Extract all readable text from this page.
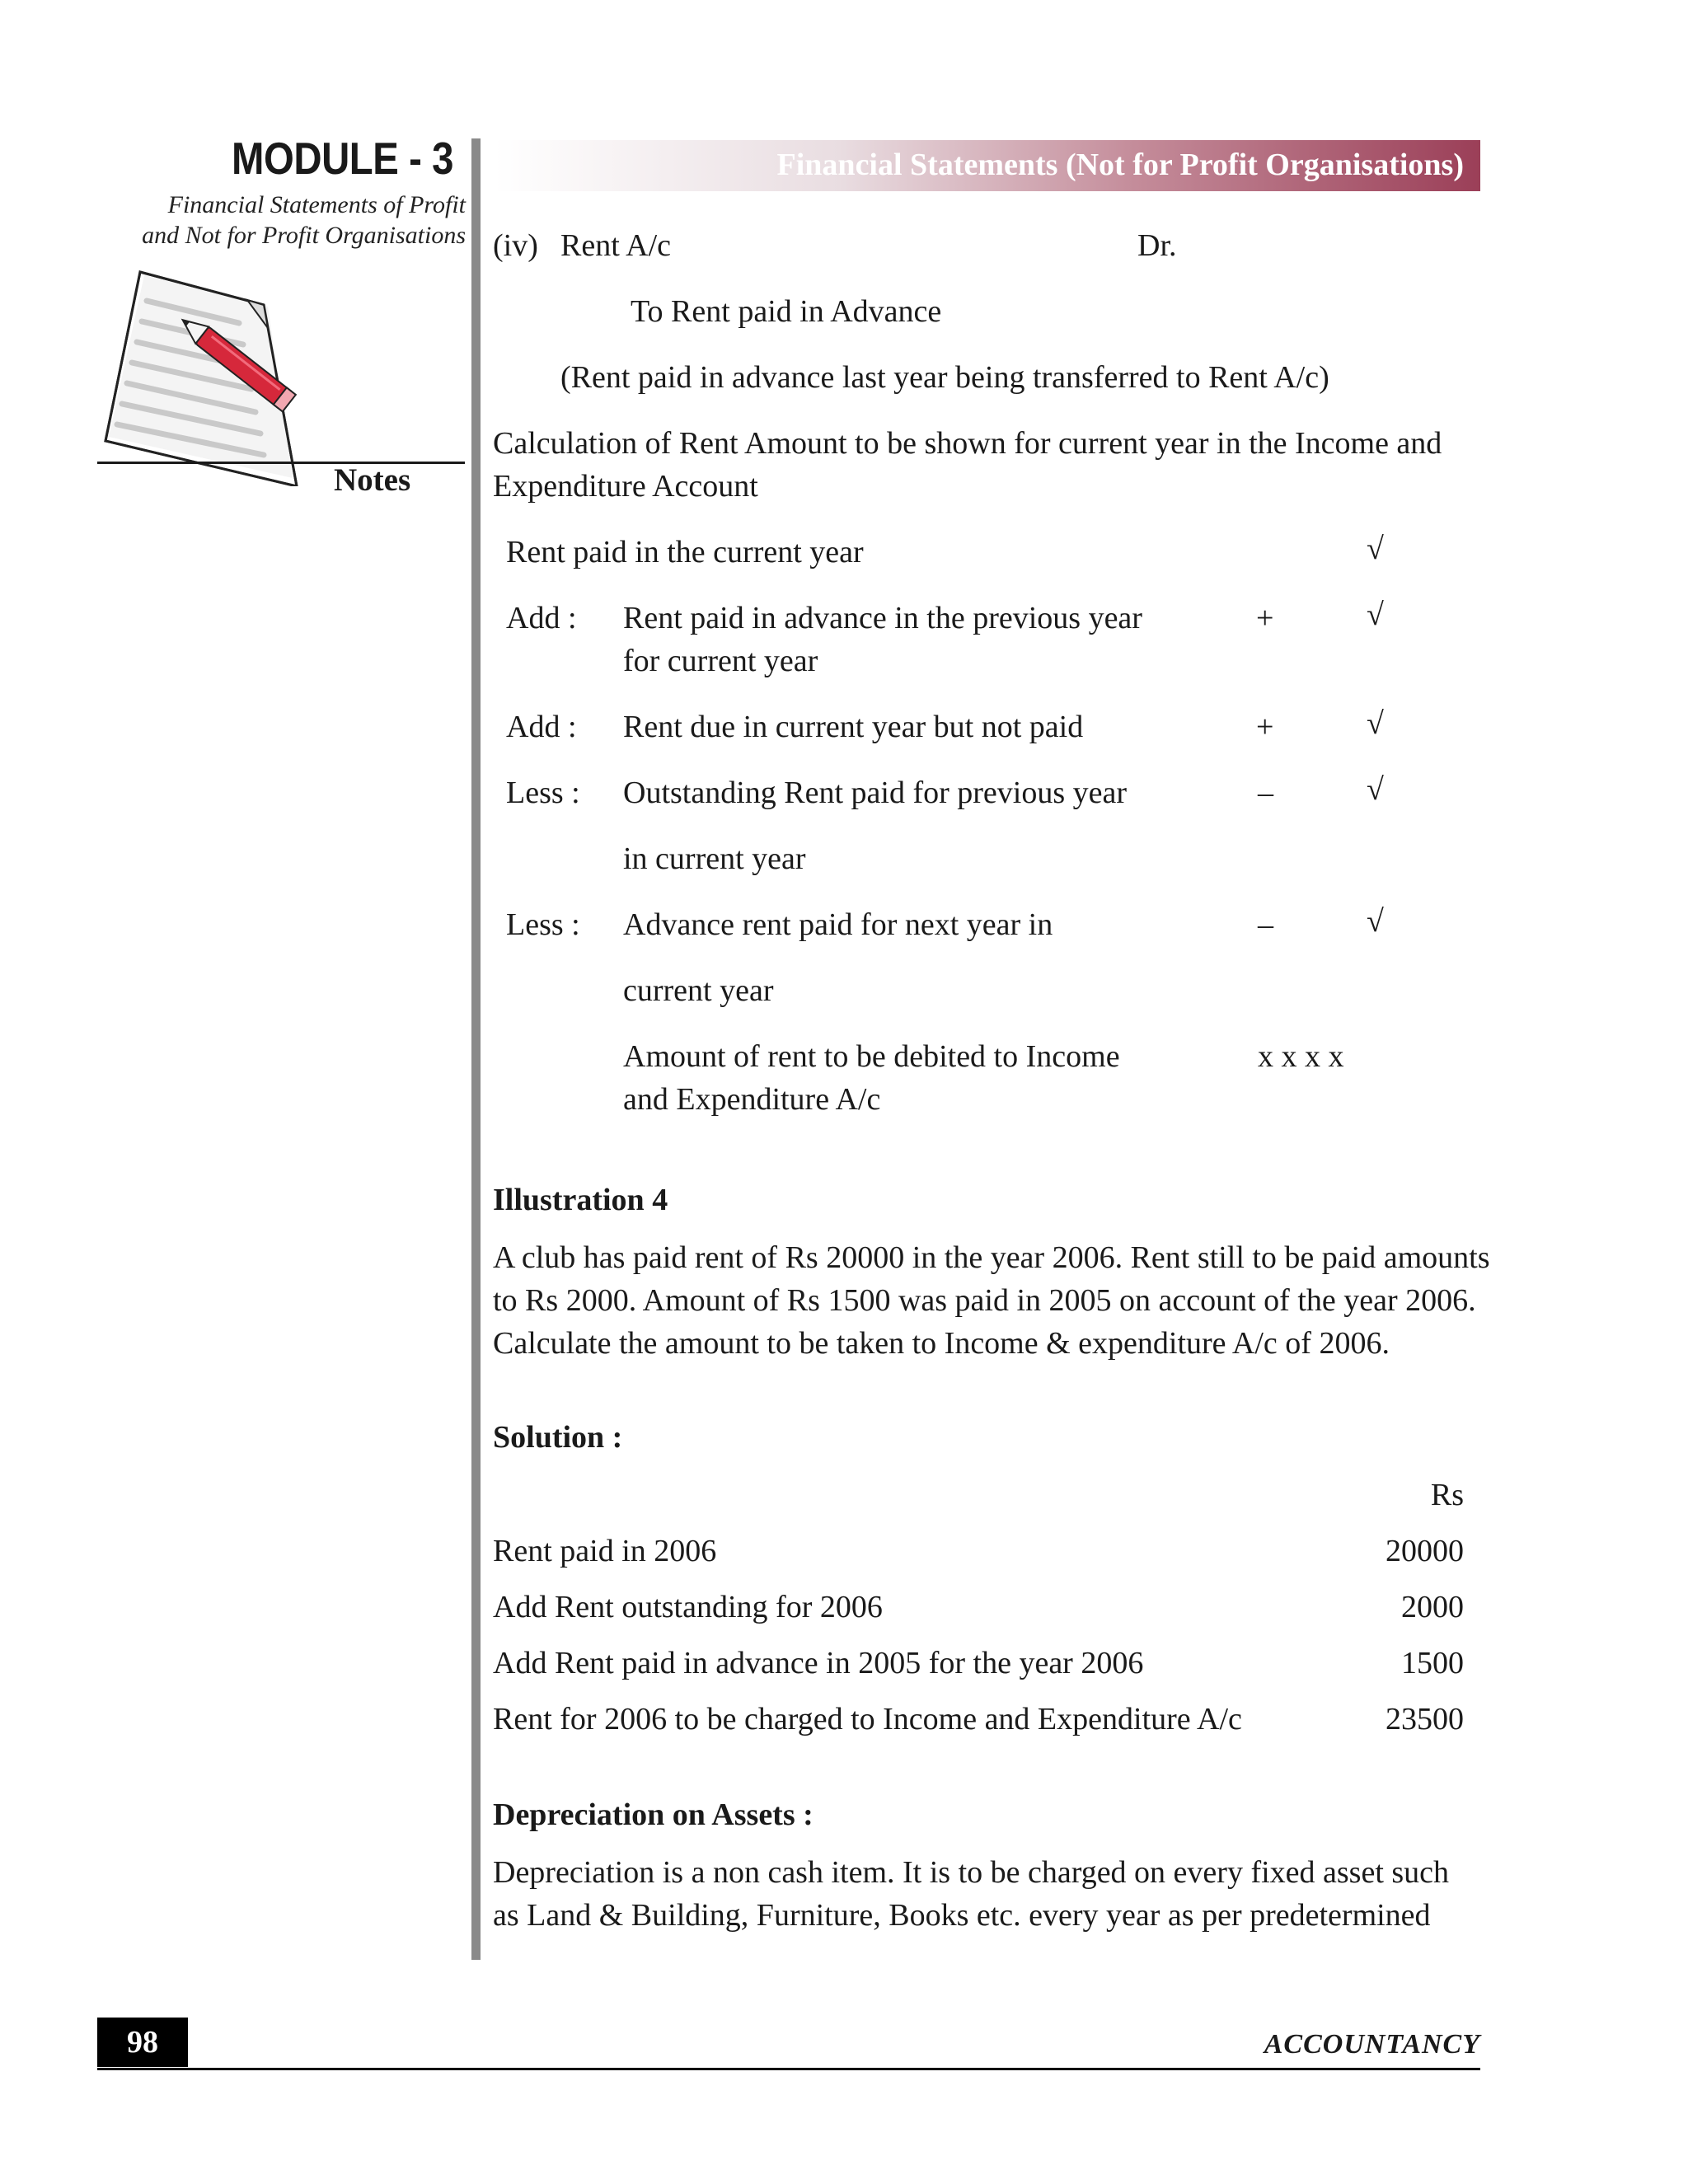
MODULE - 3
Financial Statements of Profit
and Not for Profit Organisations
Notes
Financial Statements (Not for Profit Organisations)
(iv) Rent A/c	Dr.
To Rent paid in Advance
(Rent paid in advance last year being transferred to Rent A/c)
Calculation of Rent Amount to be shown for current year in the Income and
Expenditure Account
Rent paid in the current year	√
Add : Rent paid in advance in the previous year
for current year
+	√
Add : Rent due in current year but not paid	+	√
Less : Outstanding Rent paid for previous year
in current year
–	√
Less : Advance rent paid for next year in
current year
–	√
Amount of rent to be debited to Income
and Expenditure A/c
x x x x
Illustration 4
A club has paid rent of Rs 20000 in the year 2006. Rent still to be paid amounts
to Rs 2000. Amount of Rs 1500 was paid in 2005 on account of the year 2006.
Calculate the amount to be taken to Income & expenditure A/c of 2006.
Solution :
Rs
Rent paid in 2006	20000
Add Rent outstanding for 2006	2000
Add Rent paid in advance in 2005 for the year 2006	1500
Rent for 2006 to be charged to Income and Expenditure A/c	23500
Depreciation on Assets :
Depreciation is a non cash item. It is to be charged on every fixed asset such
as Land & Building, Furniture, Books etc. every year as per predetermined
98	ACCOUNTANCY
